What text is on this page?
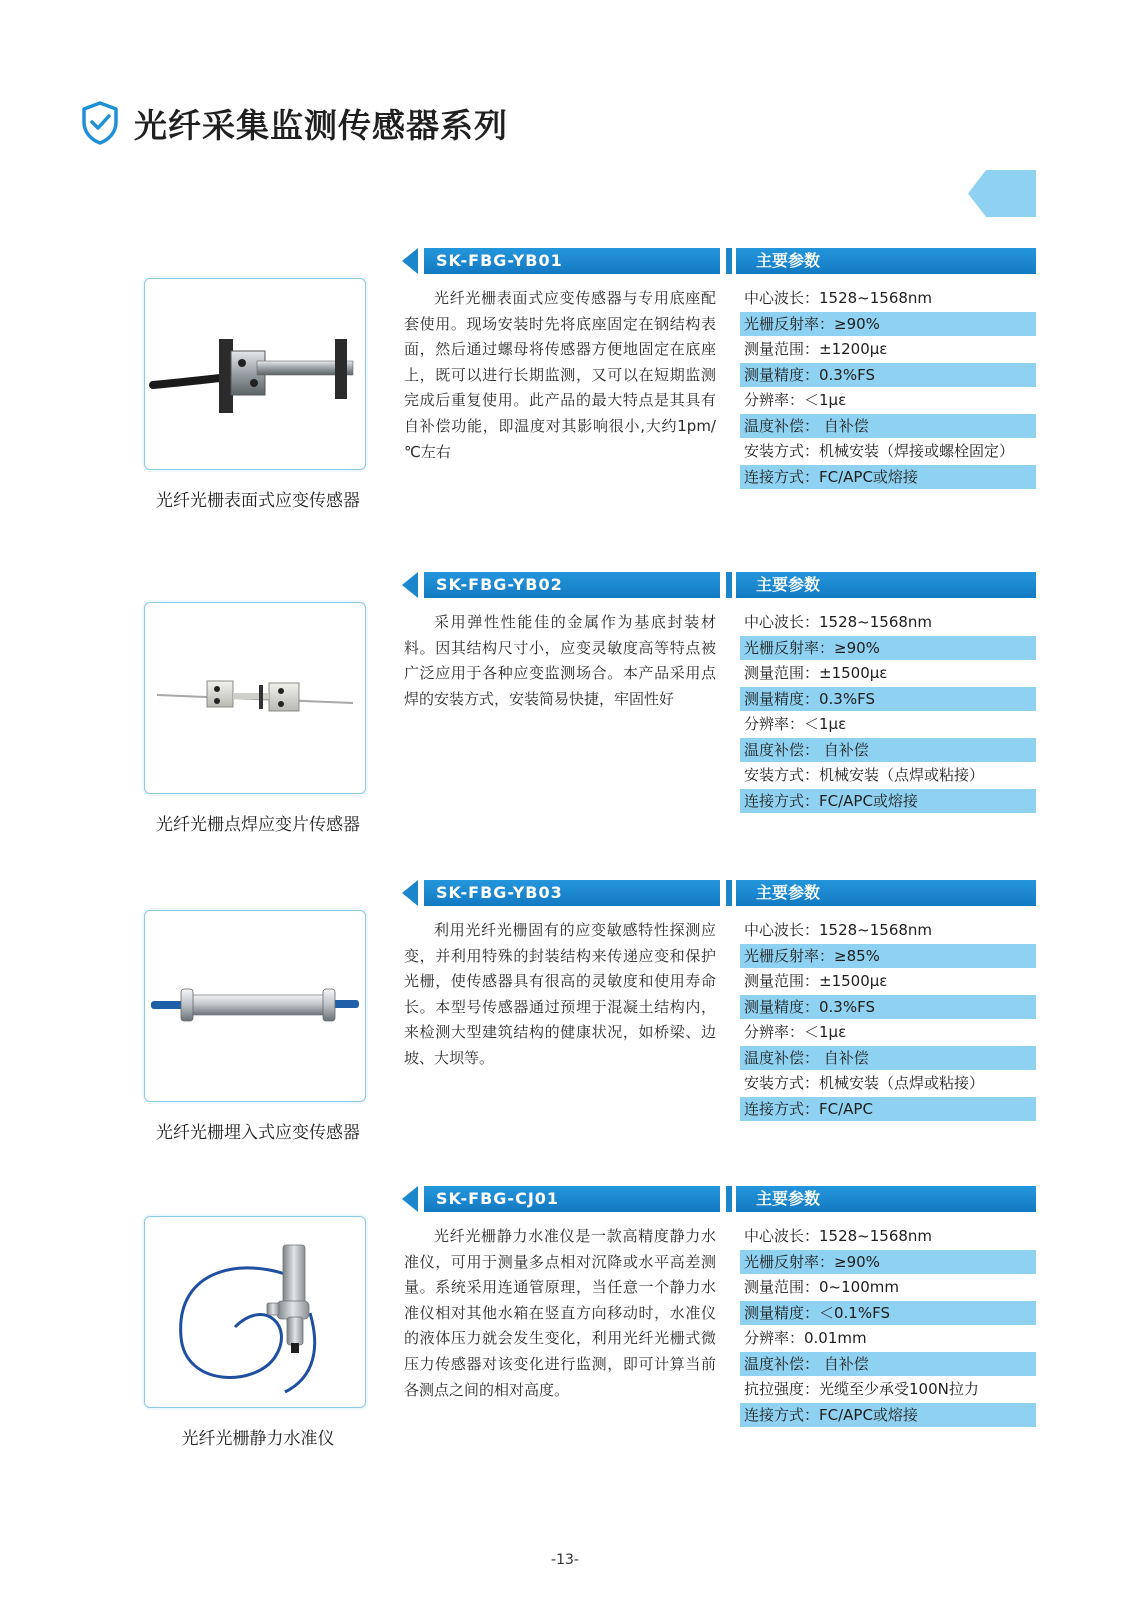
光纤采集监测传感器系列
SK-FBG-YB01	主要参数
光纤光栅表面式应变传感器

光纤光栅表面式应变传感器与专用底座配套使用。现场安装时先将底座固定在钢结构表面，然后通过螺母将传感器方便地固定在底座上，既可以进行长期监测，又可以在短期监测完成后重复使用。此产品的最大特点是其具有自补偿功能，即温度对其影响很小,大约1pm/℃左右

中心波长：1528~1568nm
光栅反射率：≥90%
测量范围：±1200με
测量精度：0.3%FS
分辨率：＜1με
温度补偿： 自补偿
安装方式：机械安装（焊接或螺栓固定）
连接方式：FC/APC或熔接
SK-FBG-YB02	主要参数
光纤光栅点焊应变片传感器

采用弹性性能佳的金属作为基底封装材料。因其结构尺寸小，应变灵敏度高等特点被广泛应用于各种应变监测场合。本产品采用点焊的安装方式，安装简易快捷，牢固性好

中心波长：1528~1568nm
光栅反射率：≥90%
测量范围：±1500με
测量精度：0.3%FS
分辨率：＜1με
温度补偿： 自补偿
安装方式：机械安装（点焊或粘接）
连接方式：FC/APC或熔接
SK-FBG-YB03	主要参数
光纤光栅埋入式应变传感器

利用光纤光栅固有的应变敏感特性探测应变，并利用特殊的封装结构来传递应变和保护光栅，使传感器具有很高的灵敏度和使用寿命长。本型号传感器通过预埋于混凝土结构内，来检测大型建筑结构的健康状况，如桥梁、边坡、大坝等。

中心波长：1528~1568nm
光栅反射率：≥85%
测量范围：±1500με
测量精度：0.3%FS
分辨率：＜1με
温度补偿： 自补偿
安装方式：机械安装（点焊或粘接）
连接方式：FC/APC
SK-FBG-CJ01	主要参数
光纤光栅静力水准仪

光纤光栅静力水准仪是一款高精度静力水准仪，可用于测量多点相对沉降或水平高差测量。系统采用连通管原理，当任意一个静力水准仪相对其他水箱在竖直方向移动时，水准仪的液体压力就会发生变化，利用光纤光栅式微压力传感器对该变化进行监测，即可计算当前各测点之间的相对高度。

中心波长：1528~1568nm
光栅反射率：≥90%
测量范围：0~100mm
测量精度：＜0.1%FS
分辨率：0.01mm
温度补偿： 自补偿
抗拉强度：光缆至少承受100N拉力
连接方式：FC/APC或熔接
-13-
